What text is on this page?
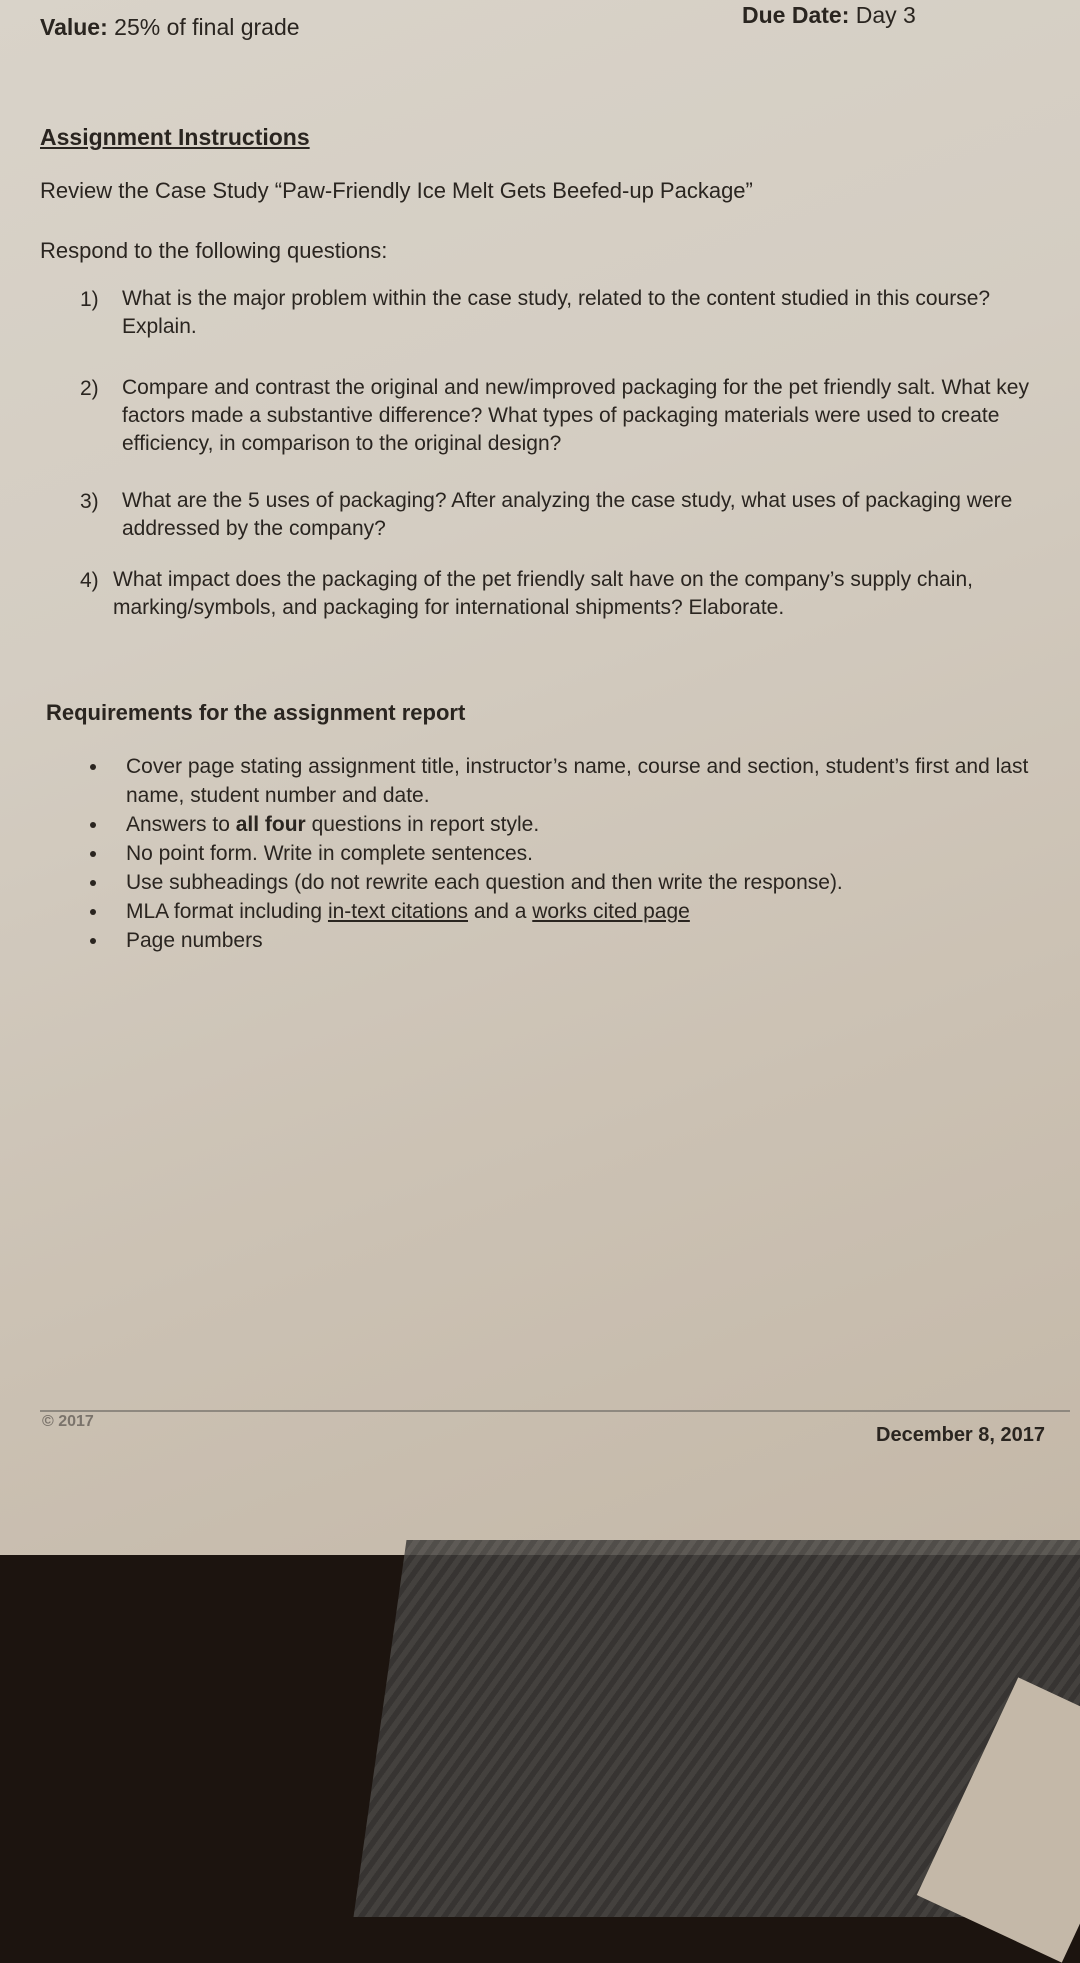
Value: 25% of final grade	Due Date: Day 3
Assignment Instructions
Review the Case Study “Paw-Friendly Ice Melt Gets Beefed-up Package”
Respond to the following questions:
1) What is the major problem within the case study, related to the content studied in this course? Explain.
2) Compare and contrast the original and new/improved packaging for the pet friendly salt. What key factors made a substantive difference? What types of packaging materials were used to create efficiency, in comparison to the original design?
3) What are the 5 uses of packaging? After analyzing the case study, what uses of packaging were addressed by the company?
4) What impact does the packaging of the pet friendly salt have on the company’s supply chain, marking/symbols, and packaging for international shipments? Elaborate.
Requirements for the assignment report
Cover page stating assignment title, instructor’s name, course and section, student’s first and last name, student number and date.
Answers to all four questions in report style.
No point form. Write in complete sentences.
Use subheadings (do not rewrite each question and then write the response).
MLA format including in-text citations and a works cited page
Page numbers
© 2017
December 8, 2017
